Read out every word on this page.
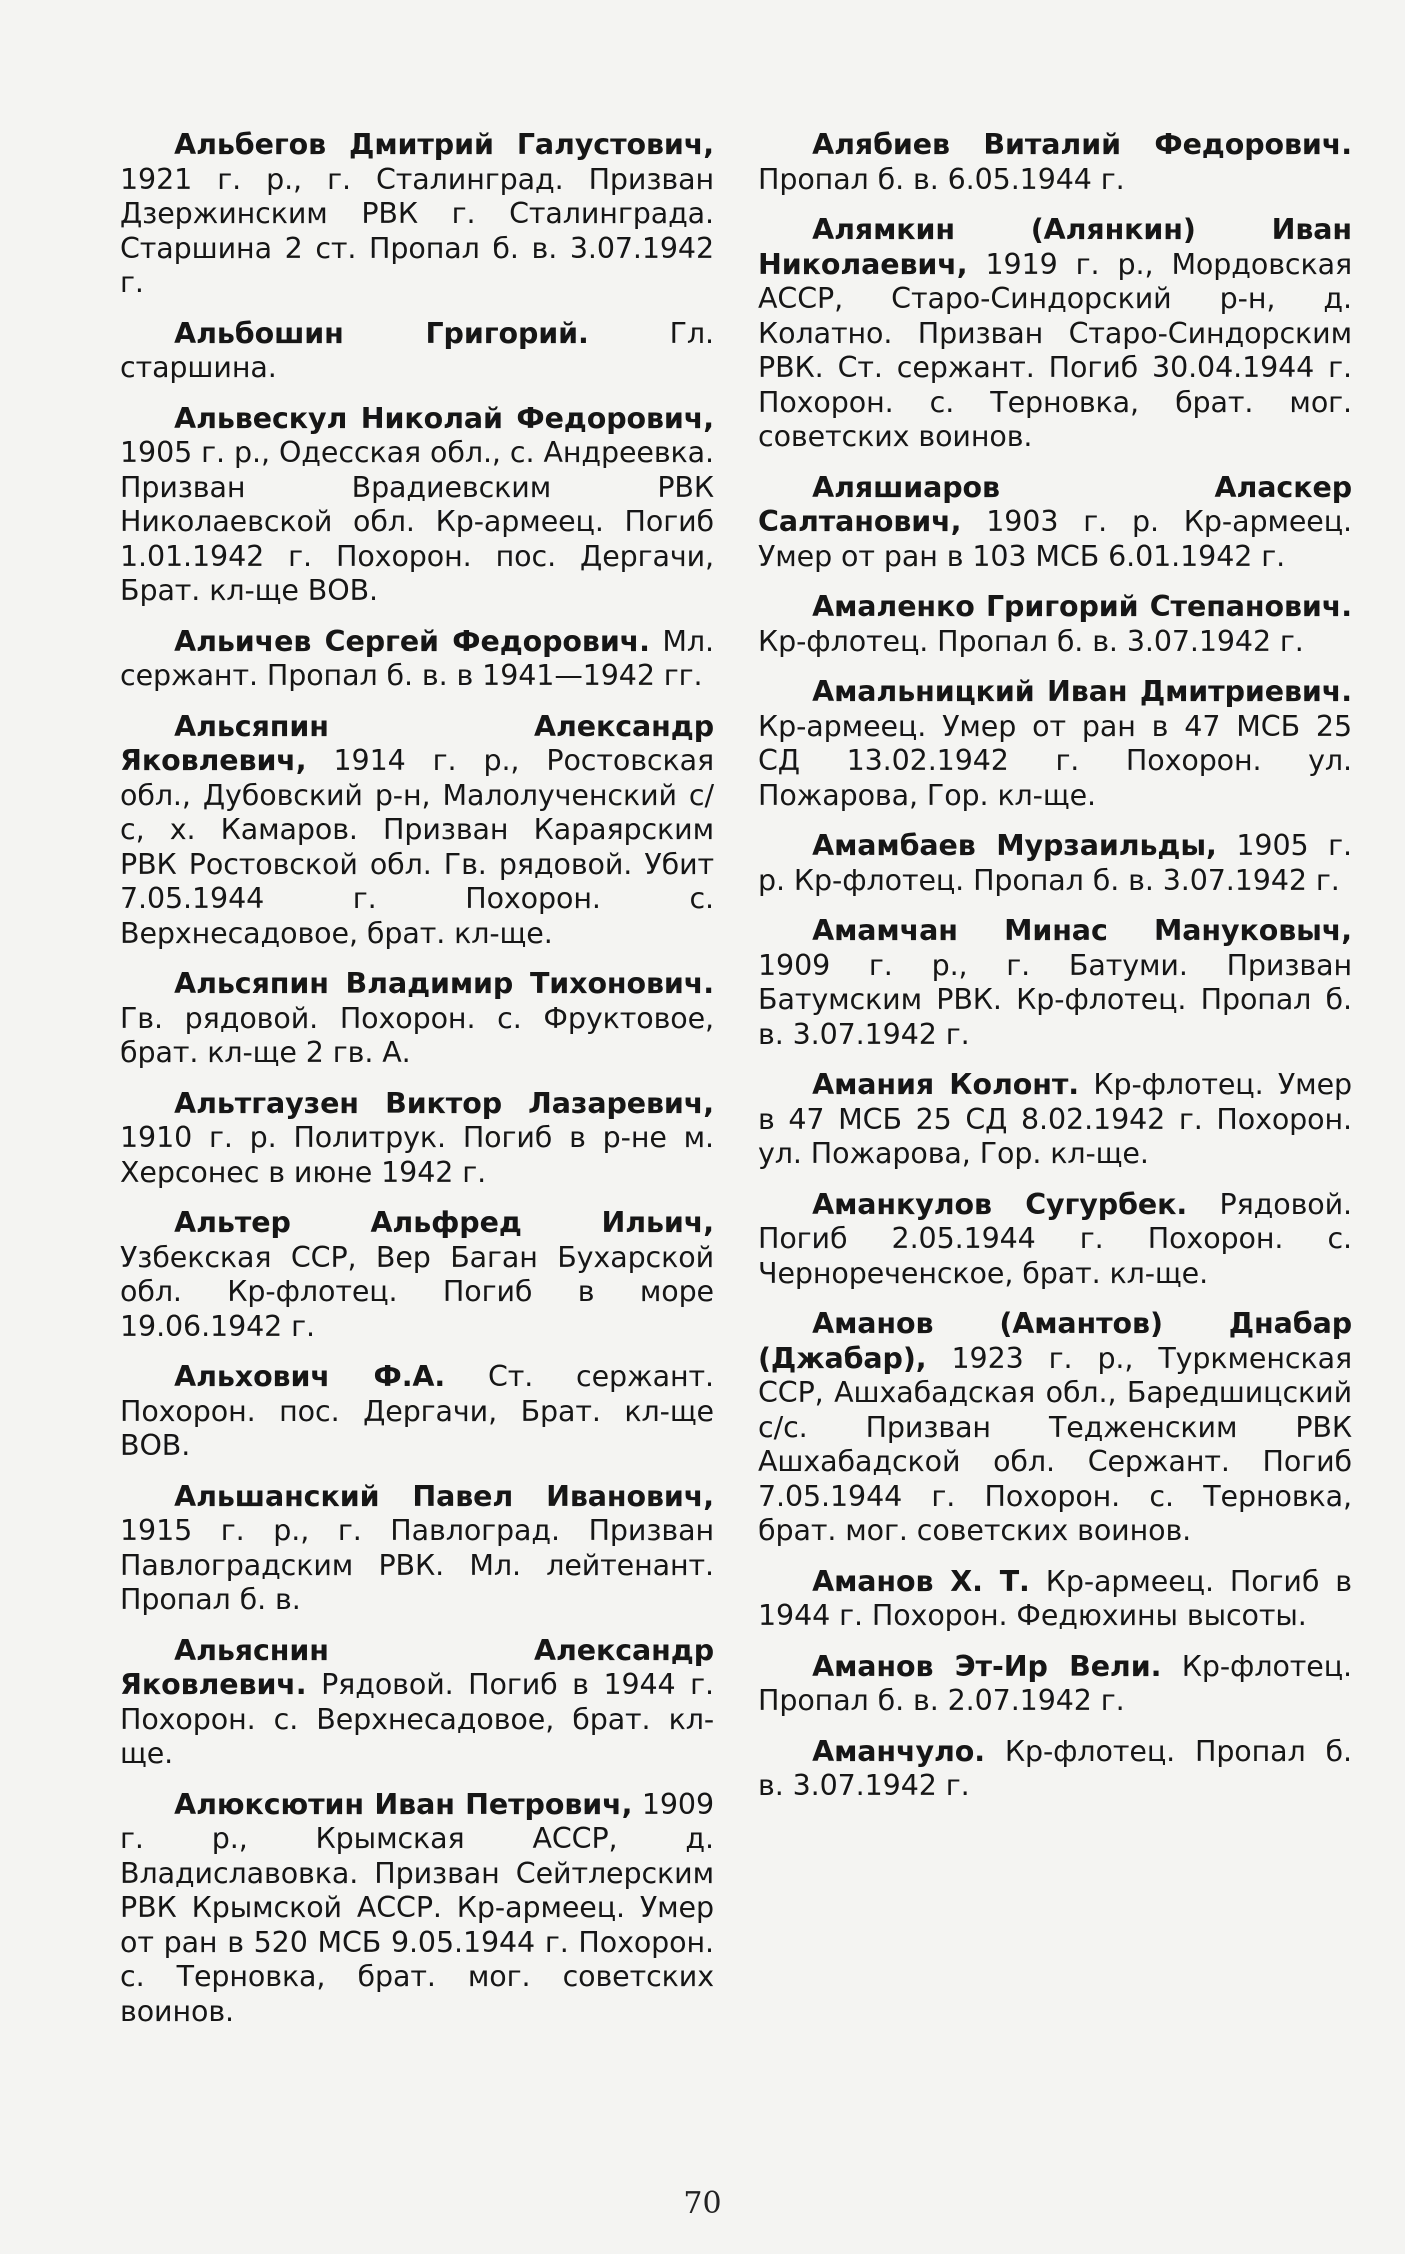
Альбегов Дмитрий Галустович, 1921 г. р., г. Сталинград. Призван Дзержинским РВК г. Сталинграда. Старшина 2 ст. Пропал б. в. 3.07.1942 г.

Альбошин Григорий.	Гл. старшина.

Альвескул Николай Федорович, 1905 г. р., Одесская обл., с. Андреевка. Призван Врадиевским РВК Николаевской обл. Кр-армеец. Погиб 1.01.1942 г. Похорон. пос. Дергачи, Брат. кл-ще ВОВ.

Альичев Сергей Федорович. Мл. сержант. Пропал б. в. в 1941—1942 гг.

Альсяпин Александр Яковлевич, 1914 г. р., Ростовская обл., Дубовский р-н, Малолученский с/с, х. Камаров. Призван Караярским РВК Ростовской обл. Гв. рядовой. Убит 7.05.1944 г. Похорон. с. Верхнесадовое, брат. кл-ще.

Альсяпин Владимир Тихонович. Гв. рядовой. Похорон. с. Фруктовое, брат. кл-ще 2 гв. А.

Альтгаузен Виктор Лазаревич, 1910 г. р. Политрук. Погиб в р-не м. Херсонес в июне 1942 г.

Альтер Альфред Ильич, Узбекская ССР, Вер Баган Бухарской обл. Кр-флотец. Погиб в море 19.06.1942 г.

Альхович Ф.А. Ст. сержант. Похорон. пос. Дергачи, Брат. кл-ще ВОВ.

Альшанский Павел Иванович, 1915 г. р., г. Павлоград. Призван Павлоградским РВК. Мл. лейтенант. Пропал б. в.

Альяснин Александр Яковлевич. Рядовой. Погиб в 1944 г. Похорон. с. Верхнесадовое, брат. кл-ще.

Алюксютин Иван Петрович, 1909 г. р., Крымская АССР, д. Владиславовка. Призван Сейтлерским РВК Крымской АССР. Кр-армеец. Умер от ран в 520 МСБ 9.05.1944 г. Похорон. с. Терновка, брат. мог. советских воинов.

Алябиев Виталий Федорович. Пропал б. в. 6.05.1944 г.

Алямкин (Алянкин) Иван Николаевич, 1919 г. р., Мордовская АССР, Старо-Синдорский р-н, д. Колатно. Призван Старо-Синдорским РВК. Ст. сержант. Погиб 30.04.1944 г. Похорон. с. Терновка, брат. мог. советских воинов.

Аляшиаров Аласкер Салтанович, 1903 г. р. Кр-армеец. Умер от ран в 103 МСБ 6.01.1942 г.

Амаленко Григорий Степанович. Кр-флотец. Пропал б. в. 3.07.1942 г.

Амальницкий Иван Дмитриевич. Кр-армеец. Умер от ран в 47 МСБ 25 СД 13.02.1942 г. Похорон. ул. Пожарова, Гор. кл-ще.

Амамбаев Мурзаильды, 1905 г. р. Кр-флотец. Пропал б. в. 3.07.1942 г.

Амамчан Минас Мануковыч, 1909 г. р., г. Батуми. Призван Батумским РВК. Кр-флотец. Пропал б. в. 3.07.1942 г.

Амания Колонт. Кр-флотец. Умер в 47 МСБ 25 СД 8.02.1942 г. Похорон. ул. Пожарова, Гор. кл-ще.

Аманкулов Сугурбек. Рядовой. Погиб 2.05.1944 г. Похорон. с. Чернореченское, брат. кл-ще.

Аманов (Амантов) Днабар (Джабар), 1923 г. р., Туркменская ССР, Ашхабадская обл., Баредшицский с/с. Призван Тедженским РВК Ашхабадской обл. Сержант. Погиб 7.05.1944 г. Похорон. с. Терновка, брат. мог. советских воинов.

Аманов Х. Т. Кр-армеец. Погиб в 1944 г. Похорон. Федюхины высоты.

Аманов Эт-Ир Вели. Кр-флотец. Пропал б. в. 2.07.1942 г.

Аманчуло. Кр-флотец. Пропал б. в. 3.07.1942 г.

70
